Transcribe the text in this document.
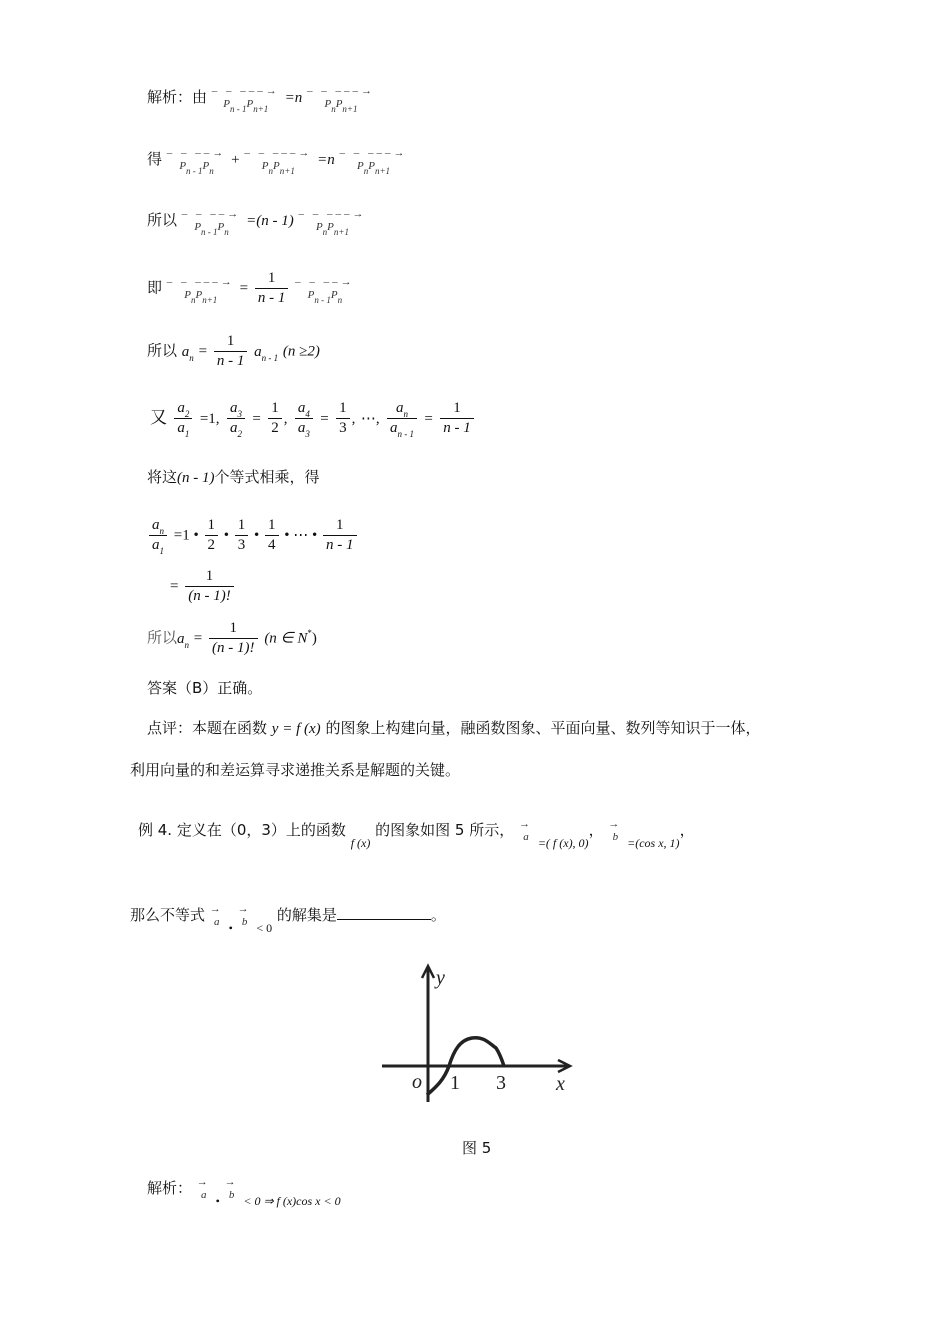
解析：由 – – –––→
$P_{n - 1}P_{n+1}$
=n – – –––→
$P_nP_{n+1}$
得 – – ––→
$P_{n - 1}P_n$
+ – – –––→
$P_nP_{n+1}$
=n – – –––→
$P_nP_{n+1}$
所以 – – ––→
$P_{n - 1}P_n$
=(n - 1) – – –––→
$P_nP_{n+1}$
即 – – –––→
$P_nP_{n+1}$
= $\frac{1}{n - 1}$
– – ––→
$P_{n - 1}P_n$
所以 $a_n = \frac{1}{n - 1} a_{n - 1}$ (n ≥2)
又 $\frac{a_2}{a_1} =1$, $\frac{a_3}{a_2} = \frac{1}{2}$ , $\frac{a_4}{a_3} = \frac{1}{3}$ , ⋯, $\frac{a_n}{a_{n - 1}} = \frac{1}{n - 1}$
将这(n - 1)个等式相乘，得
$\frac{a_n}{a_1} =1$ • $\frac{1}{2}$ • $\frac{1}{3}$ • $\frac{1}{4}$ • ⋯ • $\frac{1}{n - 1}$
= $\frac{1}{(n - 1)!}$
所以$a_n = \frac{1}{(n - 1)!} (n$ ∈ N*)
答案（B）正确。
点评：本题在函数 y = f (x) 的图象上构建向量，融函数图象、平面向量、数列等知识于一体，
利用向量的和差运算寻求递推关系是解题的关键。
例 4. 定义在（0，3）上的函数 $_{f (x)}$ 的图象如图 5 所示， →
a $_{=( f (x), 0)}$， →
b $_{=(cos x, 1)}$，
那么不等式 →
a $_•$
→
b $_{< 0}$ 的解集是	。
y
x
o 1 3
图 5
解析： →
a $_•$
→
b $_{< 0 \Rightarrow f (x)cos x < 0}$
